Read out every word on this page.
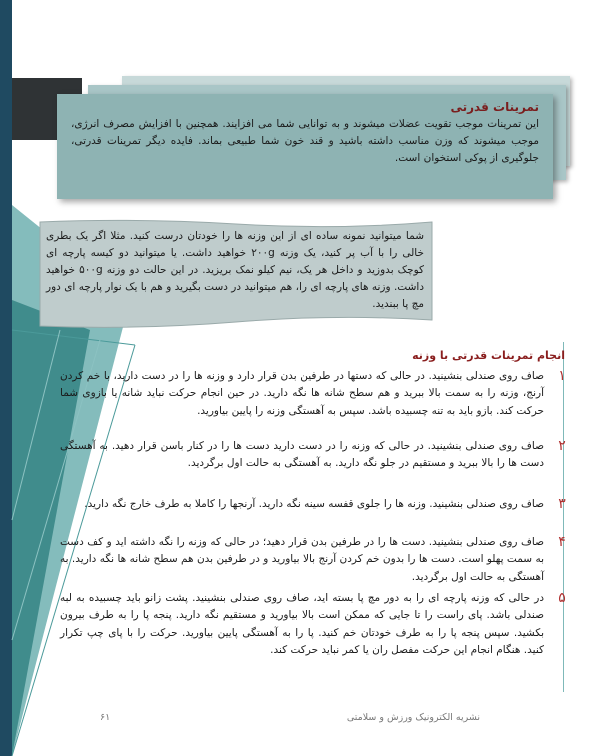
تمرینات قدرتی

این تمرینات موجب تقویت عضلات میشوند و به توانایی شما می افزایند. همچنین با افزایش مصرف انرژی، موجب میشوند که وزن مناسب داشته باشید و قند خون شما طبیعی بماند. فایده دیگر تمرینات قدرتی، جلوگیری از پوکی استخوان است.

شما میتوانید نمونه ساده ای از این وزنه ها را خودتان درست کنید. مثلا اگر یک بطری خالی را با آب پر کنید، یک وزنه ۲۰۰g خواهید داشت. یا میتوانید دو کیسه پارچه ای کوچک بدوزید و داخل هر یک، نیم کیلو نمک بریزید. در این حالت دو وزنه ۵۰۰g خواهید داشت. وزنه های پارچه ای را، هم میتوانید در دست بگیرید و هم با یک نوار پارچه ای دور مچ پا ببندید.
انجام تمرینات قدرتی با وزنه
۱
صاف روی صندلی بنشینید. در حالی که دستها در طرفین بدن قرار دارد و وزنه ها را در دست دارید، با خم کردن آرنج، وزنه را به سمت بالا ببرید و هم سطح شانه ها نگه دارید. در حین انجام حرکت نباید شانه یا بازوی شما حرکت کند. بازو باید به تنه چسبیده باشد. سپس به آهستگی وزنه را پایین بیاورید.
۲
صاف روی صندلی بنشینید. در حالی که وزنه را در دست دارید دست ها را در کنار باسن قرار دهید. به آهستگی دست ها را بالا ببرید و مستقیم در جلو نگه دارید. به آهستگی به حالت اول برگردید.
۳
صاف روی صندلی بنشینید. وزنه ها را جلوی قفسه سینه نگه دارید. آرنجها را کاملا به طرف خارج نگه دارید.
۴
صاف روی صندلی بنشینید. دست ها را در طرفین بدن قرار دهید؛ در حالی که وزنه را نگه داشته اید و کف دست به سمت پهلو است. دست ها را بدون خم کردن آرنج بالا بیاورید و در طرفین بدن هم سطح شانه ها نگه دارید. به آهستگی به حالت اول برگردید.
۵
در حالی که وزنه پارچه ای را به دور مچ پا بسته اید، صاف روی صندلی بنشینید. پشت زانو باید چسبیده به لبه صندلی باشد. پای راست را تا جایی که ممکن است بالا بیاورید و مستقیم نگه دارید. پنجه پا را به طرف بیرون بکشید. سپس پنجه پا را به طرف خودتان خم کنید. پا را به آهستگی پایین بیاورید. حرکت را با پای چپ تکرار کنید. هنگام انجام این حرکت مفصل ران یا کمر نباید حرکت کند.
نشریه الکترونیک ورزش و سلامتی
۶۱
